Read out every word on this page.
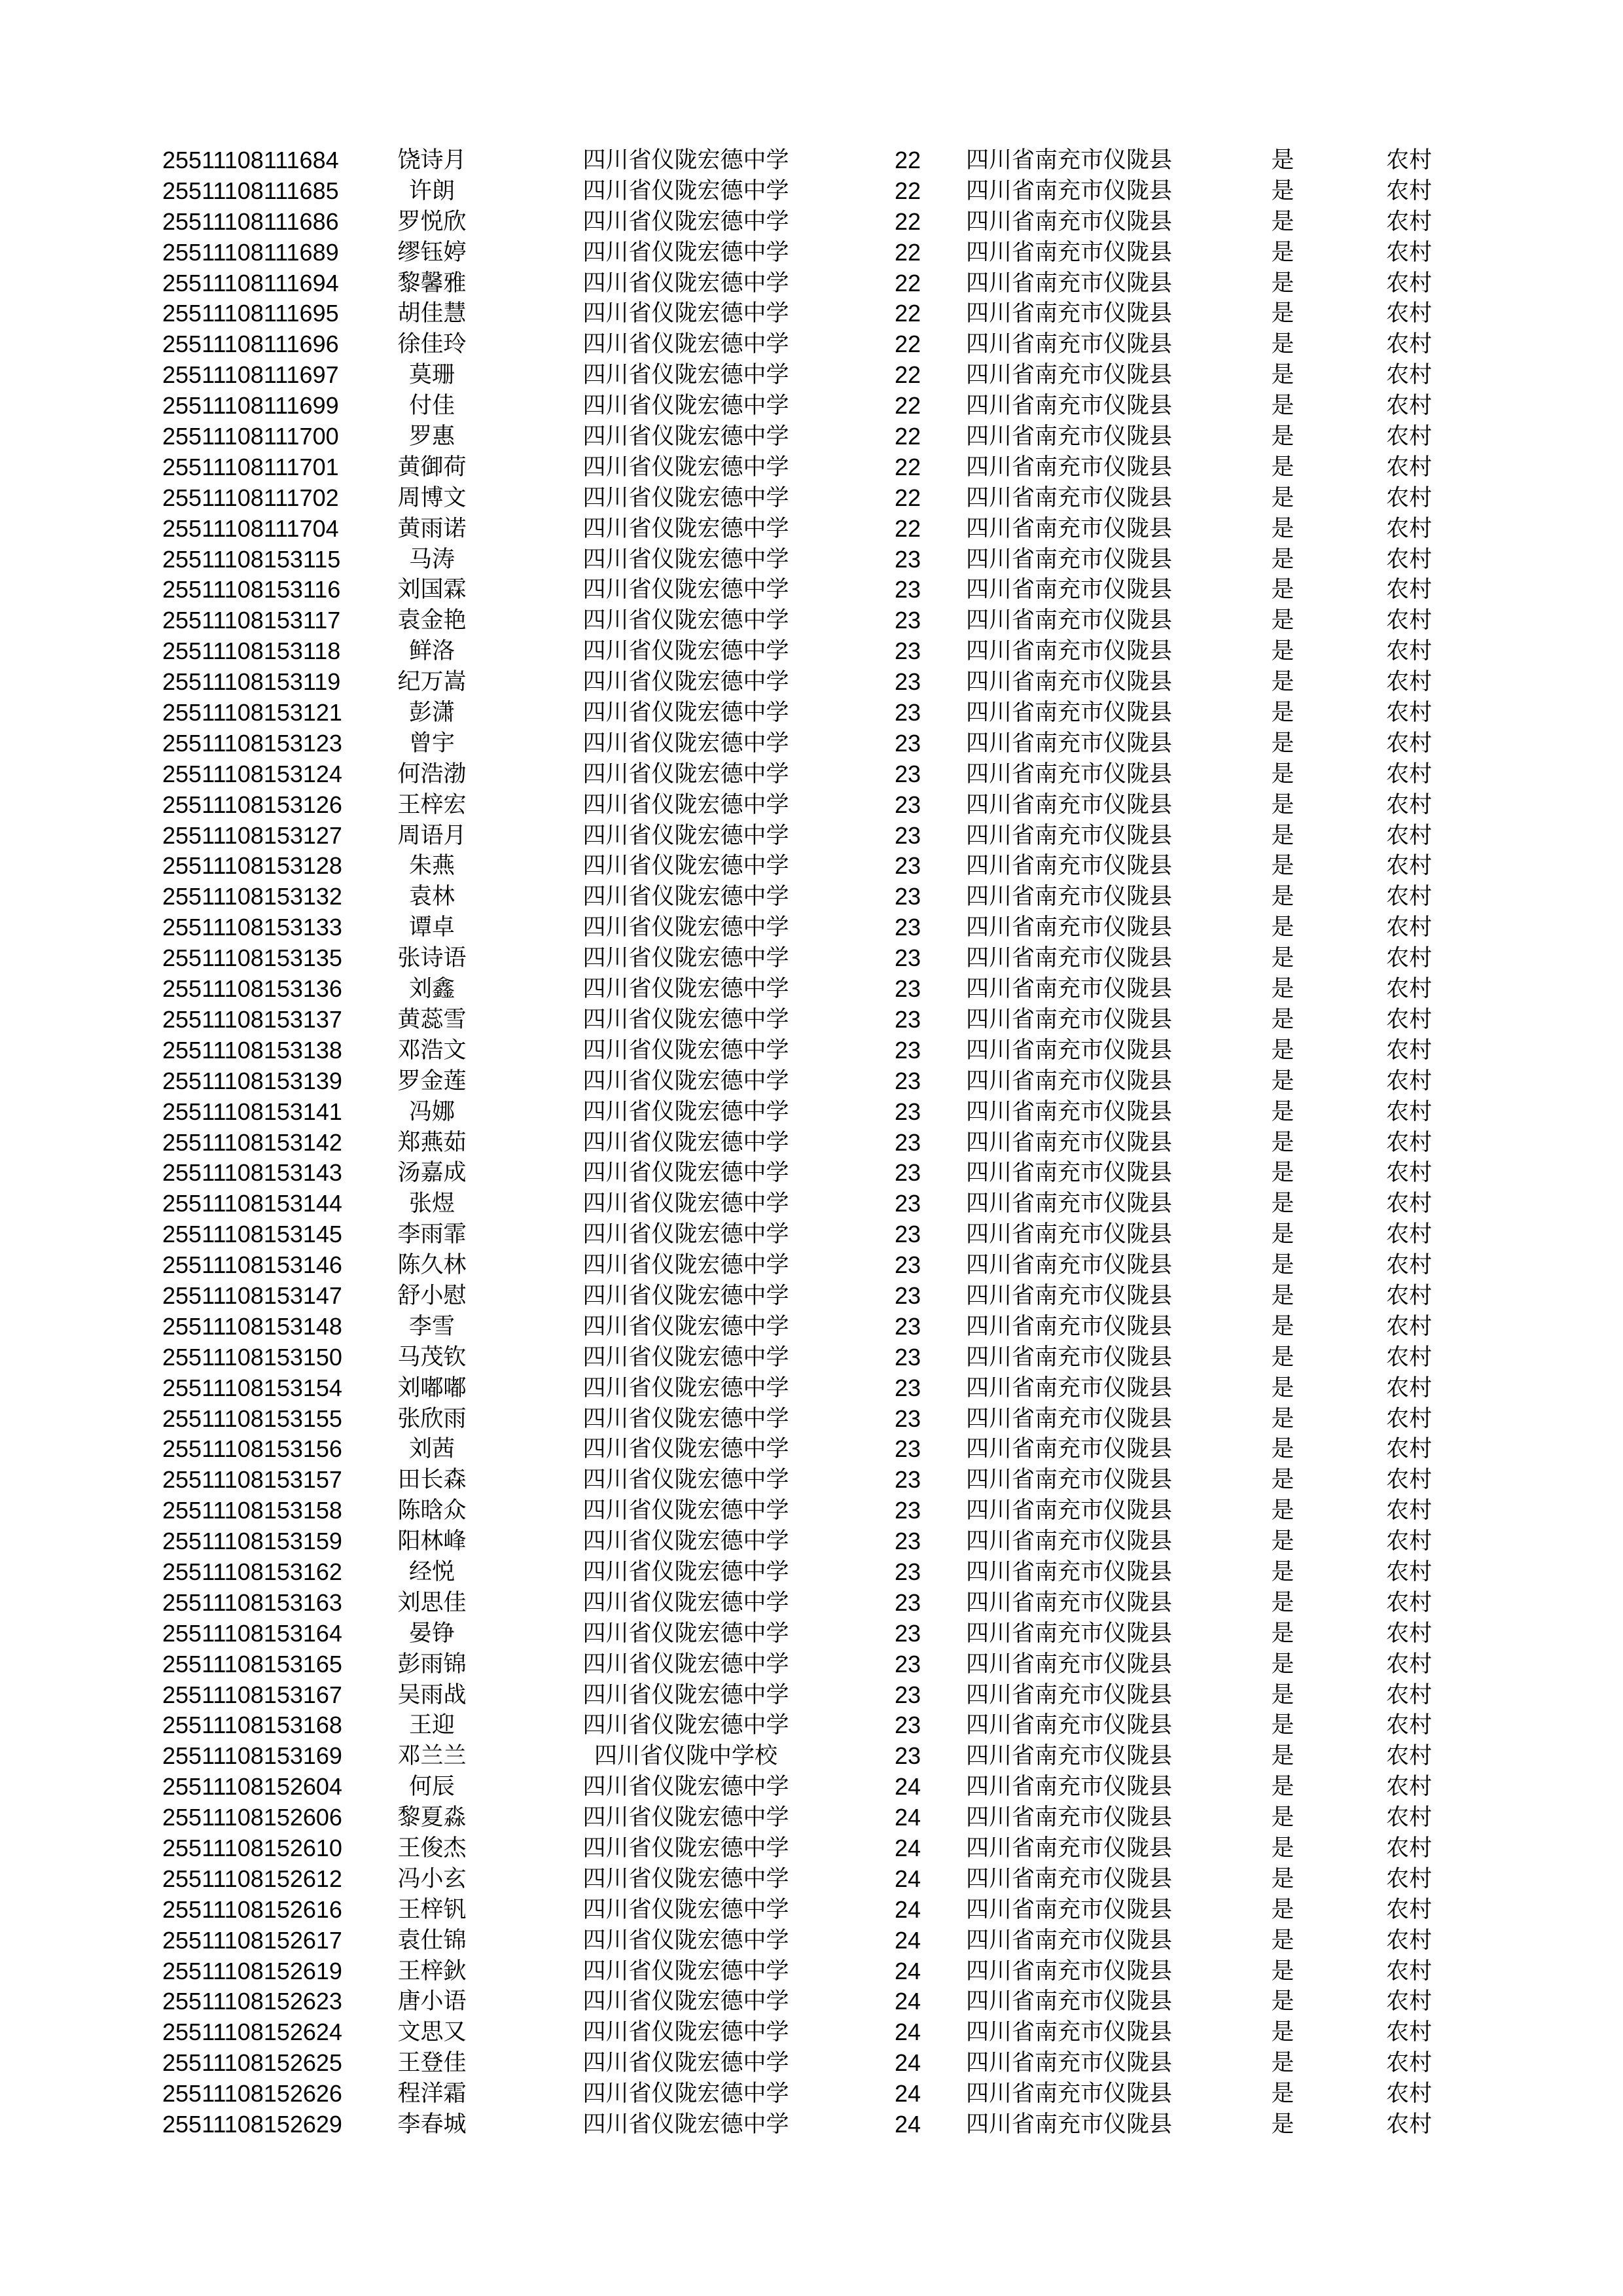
25511108111684	饶诗月	四川省仪陇宏德中学	22	四川省南充市仪陇县	是	农村
25511108111685	许朗	四川省仪陇宏德中学	22	四川省南充市仪陇县	是	农村
25511108111686	罗悦欣	四川省仪陇宏德中学	22	四川省南充市仪陇县	是	农村
25511108111689	缪钰婷	四川省仪陇宏德中学	22	四川省南充市仪陇县	是	农村
25511108111694	黎馨雅	四川省仪陇宏德中学	22	四川省南充市仪陇县	是	农村
25511108111695	胡佳慧	四川省仪陇宏德中学	22	四川省南充市仪陇县	是	农村
25511108111696	徐佳玲	四川省仪陇宏德中学	22	四川省南充市仪陇县	是	农村
25511108111697	莫珊	四川省仪陇宏德中学	22	四川省南充市仪陇县	是	农村
25511108111699	付佳	四川省仪陇宏德中学	22	四川省南充市仪陇县	是	农村
25511108111700	罗惠	四川省仪陇宏德中学	22	四川省南充市仪陇县	是	农村
25511108111701	黄御荷	四川省仪陇宏德中学	22	四川省南充市仪陇县	是	农村
25511108111702	周博文	四川省仪陇宏德中学	22	四川省南充市仪陇县	是	农村
25511108111704	黄雨诺	四川省仪陇宏德中学	22	四川省南充市仪陇县	是	农村
25511108153115	马涛	四川省仪陇宏德中学	23	四川省南充市仪陇县	是	农村
25511108153116 刘国霖	四川省仪陇宏德中学	23	四川省南充市仪陇县	是	农村
25511108153117 袁金艳	四川省仪陇宏德中学	23	四川省南充市仪陇县	是	农村
25511108153118	鲜洛	四川省仪陇宏德中学	23	四川省南充市仪陇县	是	农村
25511108153119 纪万嵩	四川省仪陇宏德中学	23	四川省南充市仪陇县	是	农村
25511108153121	彭潇	四川省仪陇宏德中学	23	四川省南充市仪陇县	是	农村
25511108153123	曾宇	四川省仪陇宏德中学	23	四川省南充市仪陇县	是	农村
25511108153124 何浩渤	四川省仪陇宏德中学	23	四川省南充市仪陇县	是	农村
25511108153126 王梓宏	四川省仪陇宏德中学	23	四川省南充市仪陇县	是	农村
25511108153127 周语月	四川省仪陇宏德中学	23	四川省南充市仪陇县	是	农村
25511108153128	朱燕	四川省仪陇宏德中学	23	四川省南充市仪陇县	是	农村
25511108153132	袁林	四川省仪陇宏德中学	23	四川省南充市仪陇县	是	农村
25511108153133	谭卓	四川省仪陇宏德中学	23	四川省南充市仪陇县	是	农村
25511108153135 张诗语	四川省仪陇宏德中学	23	四川省南充市仪陇县	是	农村
25511108153136	刘鑫	四川省仪陇宏德中学	23	四川省南充市仪陇县	是	农村
25511108153137 黄蕊雪	四川省仪陇宏德中学	23	四川省南充市仪陇县	是	农村
25511108153138 邓浩文	四川省仪陇宏德中学	23	四川省南充市仪陇县	是	农村
25511108153139 罗金莲	四川省仪陇宏德中学	23	四川省南充市仪陇县	是	农村
25511108153141	冯娜	四川省仪陇宏德中学	23	四川省南充市仪陇县	是	农村
25511108153142 郑燕茹	四川省仪陇宏德中学	23	四川省南充市仪陇县	是	农村
25511108153143 汤嘉成	四川省仪陇宏德中学	23	四川省南充市仪陇县	是	农村
25511108153144	张煜	四川省仪陇宏德中学	23	四川省南充市仪陇县	是	农村
25511108153145 李雨霏	四川省仪陇宏德中学	23	四川省南充市仪陇县	是	农村
25511108153146 陈久林	四川省仪陇宏德中学	23	四川省南充市仪陇县	是	农村
25511108153147 舒小慰	四川省仪陇宏德中学	23	四川省南充市仪陇县	是	农村
25511108153148	李雪	四川省仪陇宏德中学	23	四川省南充市仪陇县	是	农村
25511108153150 马茂钦	四川省仪陇宏德中学	23	四川省南充市仪陇县	是	农村
25511108153154 刘嘟嘟	四川省仪陇宏德中学	23	四川省南充市仪陇县	是	农村
25511108153155 张欣雨	四川省仪陇宏德中学	23	四川省南充市仪陇县	是	农村
25511108153156	刘茜	四川省仪陇宏德中学	23	四川省南充市仪陇县	是	农村
25511108153157 田长森	四川省仪陇宏德中学	23	四川省南充市仪陇县	是	农村
25511108153158 陈晗众	四川省仪陇宏德中学	23	四川省南充市仪陇县	是	农村
25511108153159 阳林峰	四川省仪陇宏德中学	23	四川省南充市仪陇县	是	农村
25511108153162	经悦	四川省仪陇宏德中学	23	四川省南充市仪陇县	是	农村
25511108153163 刘思佳	四川省仪陇宏德中学	23	四川省南充市仪陇县	是	农村
25511108153164	晏铮	四川省仪陇宏德中学	23	四川省南充市仪陇县	是	农村
25511108153165 彭雨锦	四川省仪陇宏德中学	23	四川省南充市仪陇县	是	农村
25511108153167 吴雨战	四川省仪陇宏德中学	23	四川省南充市仪陇县	是	农村
25511108153168	王迎	四川省仪陇宏德中学	23	四川省南充市仪陇县	是	农村
25511108153169 邓兰兰	四川省仪陇中学校	23	四川省南充市仪陇县	是	农村
25511108152604	何辰	四川省仪陇宏德中学	24	四川省南充市仪陇县	是	农村
25511108152606 黎夏淼	四川省仪陇宏德中学	24	四川省南充市仪陇县	是	农村
25511108152610 王俊杰	四川省仪陇宏德中学	24	四川省南充市仪陇县	是	农村
25511108152612 冯小玄	四川省仪陇宏德中学	24	四川省南充市仪陇县	是	农村
25511108152616 王梓钒	四川省仪陇宏德中学	24	四川省南充市仪陇县	是	农村
25511108152617 袁仕锦	四川省仪陇宏德中学	24	四川省南充市仪陇县	是	农村
25511108152619 王梓鈥	四川省仪陇宏德中学	24	四川省南充市仪陇县	是	农村
25511108152623 唐小语	四川省仪陇宏德中学	24	四川省南充市仪陇县	是	农村
25511108152624 文思又	四川省仪陇宏德中学	24	四川省南充市仪陇县	是	农村
25511108152625 王登佳	四川省仪陇宏德中学	24	四川省南充市仪陇县	是	农村
25511108152626 程洋霜	四川省仪陇宏德中学	24	四川省南充市仪陇县	是	农村
25511108152629 李春城	四川省仪陇宏德中学	24	四川省南充市仪陇县	是	农村
